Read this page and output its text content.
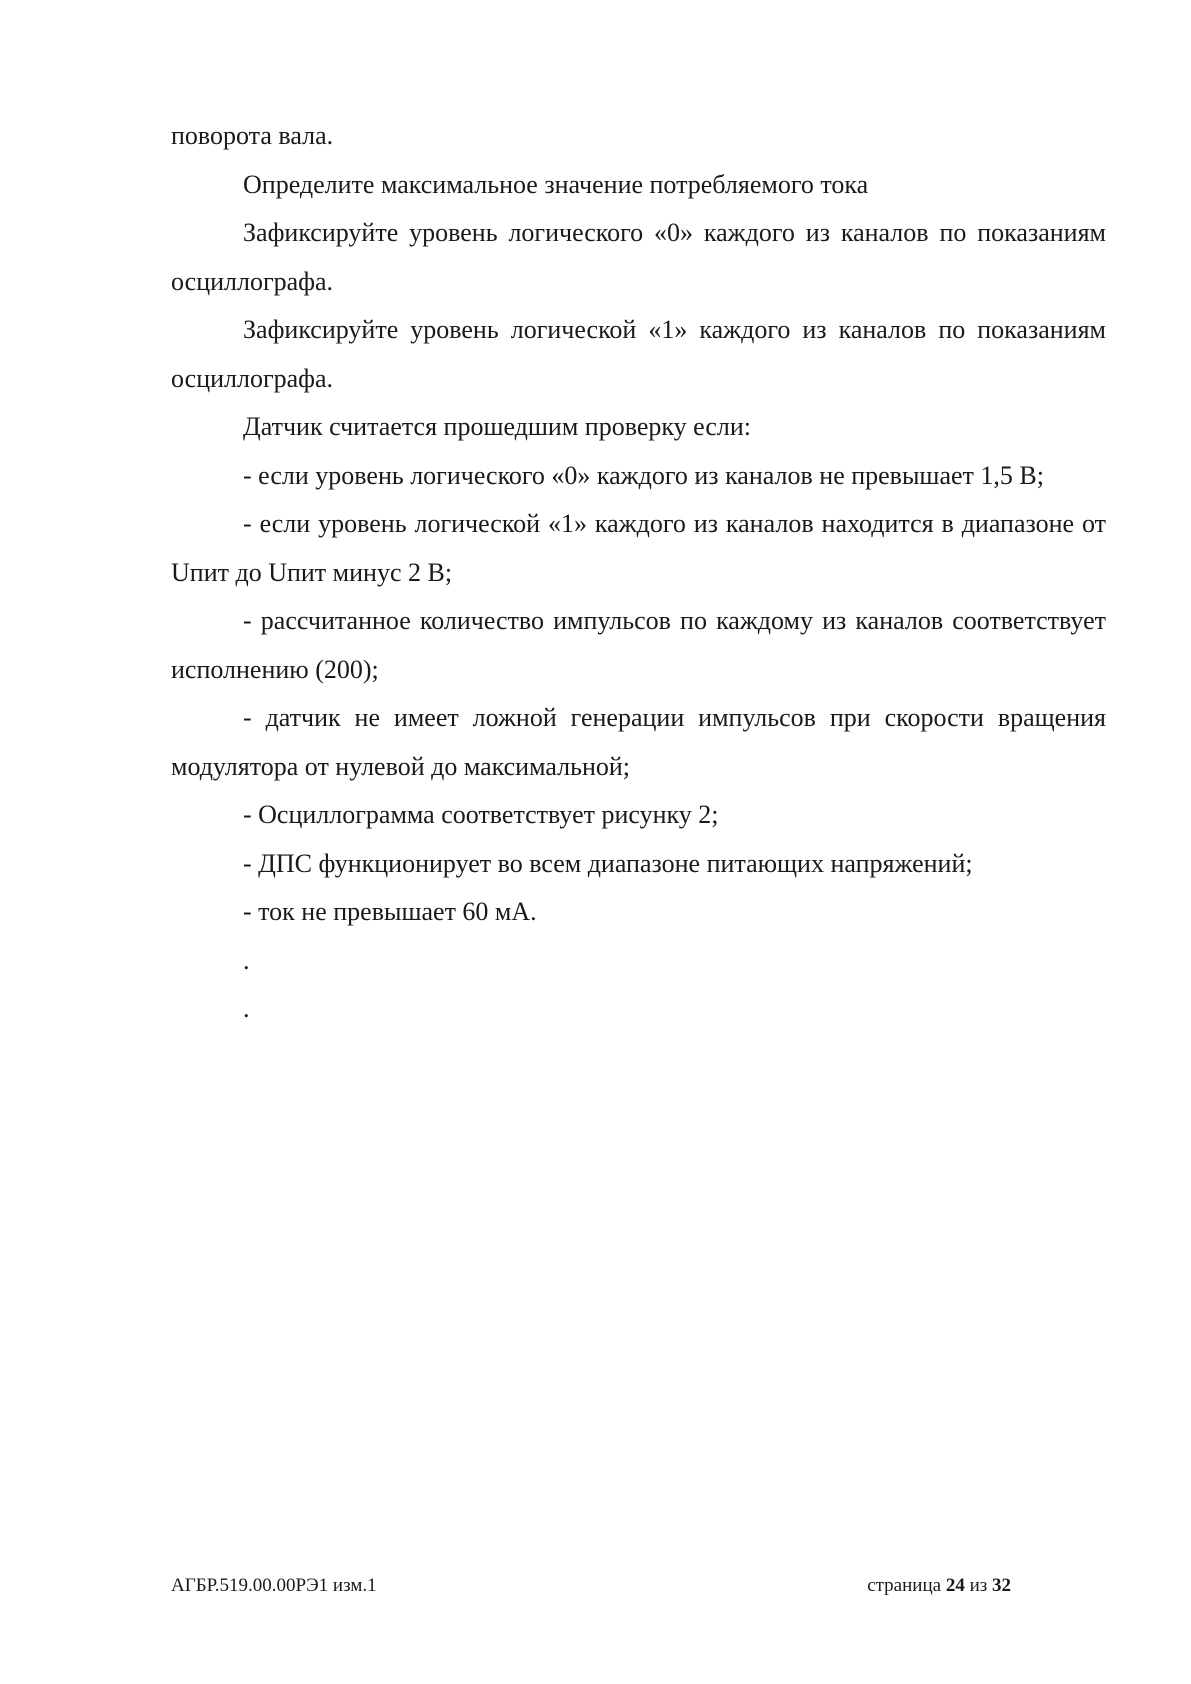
поворота вала.

Определите максимальное значение потребляемого тока

Зафиксируйте уровень логического «0» каждого из каналов по показаниям осциллографа.

Зафиксируйте уровень логической «1» каждого из каналов по показаниям осциллографа.

Датчик считается прошедшим проверку если:

- если уровень логического «0» каждого из каналов не превышает 1,5 В;

- если уровень логической «1» каждого из каналов находится в диапазоне от Uпит до Uпит минус 2 В;

- рассчитанное количество импульсов по каждому из каналов соответствует исполнению (200);

- датчик не имеет ложной генерации импульсов при скорости вращения модулятора от нулевой до максимальной;

- Осциллограмма соответствует рисунку 2;

- ДПС функционирует во всем диапазоне питающих напряжений;

- ток не превышает 60 мА.

.

.

АГБР.519.00.00РЭ1 изм.1	страница 24 из 32
